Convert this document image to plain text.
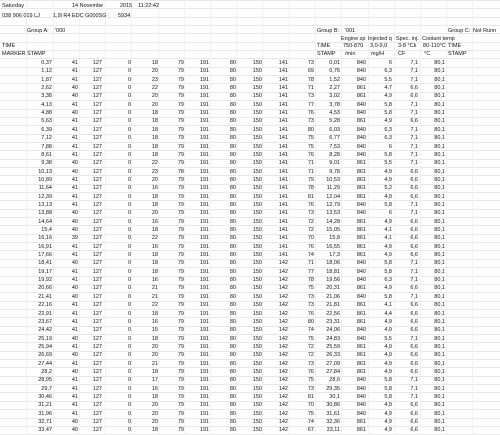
Saturday	14 Novembe	2015	11:22:42
038 906 019 LJ	1,9l R4 EDC G000SG	5934
Group A:	'000	Group B:	'001	Group C: Not Runn
Engine sp Injected q Spec. inj. Coolant temp
TIME	TIME	TIME
750-870	3,0-9,0	3-8 °Ck	80-110°C
MARKER STAMP	STAMP	STAMP
/min	mg/H	CF	°C
0,37	41	127	0	18	79	191	80	150	141	73	0,01	840	6	7,1	80,1
1,12	41	127	0	20	79	191	80	150	141	69	0,76	840	6,3	7,1	80,1
1,87	41	127	0	23	79	191	80	150	141	78	1,52	840	5,5	7,1	80,1
2,62	40	127	0	22	79	191	80	150	141	71	2,27	861	4,7	6,6	80,1
3,38	40	127	0	20	79	191	80	150	141	73	3,02	861	4,9	6,6	80,1
4,13	41	127	0	20	79	191	80	150	141	77	3,78	840	5,8	7,1	80,1
4,88	40	127	0	18	79	191	80	150	141	76	4,53	840	5,8	7,1	80,1
5,63	41	127	0	18	79	191	80	150	141	73	5,28	861	4,9	6,6	80,1
6,39	41	127	0	18	79	191	80	150	141	80	6,03	840	6,3	7,1	80,1
7,12	41	127	0	18	79	191	80	150	141	75	6,77	840	6,3	7,1	80,1
7,88	41	127	0	18	79	191	80	150	141	75	7,53	840	6	7,1	80,1
8,61	41	127	0	18	79	191	80	150	141	76	8,28	840	5,8	7,1	80,1
9,38	40	127	0	22	79	191	80	150	141	71	9,01	861	5,5	7,1	80,1
10,13	40	127	0	23	78	191	80	150	141	71	9,78	861	4,9	6,6	80,1
10,89	41	127	0	20	79	191	80	150	141	79	10,53	861	4,9	6,6	80,1
11,64	41	127	0	16	79	191	80	150	141	78	11,29	861	5,2	6,6	80,1
12,39	41	127	0	18	79	191	80	150	141	81	12,04	861	4,9	6,6	80,1
13,13	41	127	0	18	79	191	80	150	141	76	12,79	840	5,8	7,1	80,1
13,88	40	127	0	20	79	191	80	150	141	73	13,53	840	6	7,1	80,1
14,64	40	127	0	16	79	191	80	150	141	72	14,28	861	4,9	6,6	80,1
15,4	40	127	0	18	79	191	80	150	141	72	15,05	861	4,1	6,6	80,1
16,16	39	127	0	22	79	191	80	150	141	70	15,8	861	4,1	6,6	80,1
16,91	41	127	0	16	79	191	80	150	141	76	16,55	861	4,9	6,6	80,1
17,66	41	127	0	18	79	191	80	150	141	74	17,3	861	4,9	6,6	80,1
18,41	40	127	0	18	79	191	80	150	142	71	18,06	840	5,8	7,1	80,1
19,17	41	127	0	18	79	191	80	150	142	77	18,81	840	5,8	7,1	80,1
19,92	41	127	0	16	79	191	80	150	142	78	19,56	840	6,3	7,1	80,1
20,66	40	127	0	21	79	191	80	150	142	75	20,31	861	4,9	6,6	80,1
21,41	40	127	0	21	79	191	80	150	142	73	21,06	840	5,8	7,1	80,1
22,16	41	127	0	22	79	191	80	150	142	73	21,81	861	4,1	6,6	80,1
22,91	41	127	0	18	79	191	80	150	142	76	22,56	861	4,4	6,6	80,1
23,67	41	127	0	16	79	191	80	150	142	80	23,31	861	4,9	6,6	80,1
24,42	41	127	0	15	79	191	80	150	142	74	24,06	840	4,9	6,6	80,1
25,19	40	127	0	18	79	191	80	150	142	75	24,83	840	5,5	7,1	80,1
25,94	41	127	0	20	79	191	80	150	142	72	25,59	861	4,9	6,6	80,1
26,69	40	127	0	20	79	191	80	150	142	72	26,33	861	4,9	6,6	80,1
27,44	41	127	0	21	79	191	80	150	142	73	27,09	861	4,9	6,6	80,1
28,2	40	127	0	18	79	191	80	150	142	76	27,84	861	4,9	6,6	80,1
28,95	41	127	0	17	79	191	80	150	142	75	28,6	840	5,8	7,1	80,1
29,7	41	127	0	16	79	191	80	150	142	73	29,35	840	5,8	7,1	80,1
30,46	41	127	0	18	79	191	80	150	142	81	30,1	840	5,8	7,1	80,1
31,21	41	127	0	20	79	191	80	150	142	70	30,86	840	4,9	6,6	80,1
31,96	41	127	0	20	79	191	80	150	142	75	31,61	840	4,9	6,6	80,1
32,71	40	127	0	20	79	191	80	150	142	74	32,36	861	4,9	6,6	80,1
33,47	40	127	0	18	79	191	80	150	142	67	33,11	861	4,9	6,6	80,1
